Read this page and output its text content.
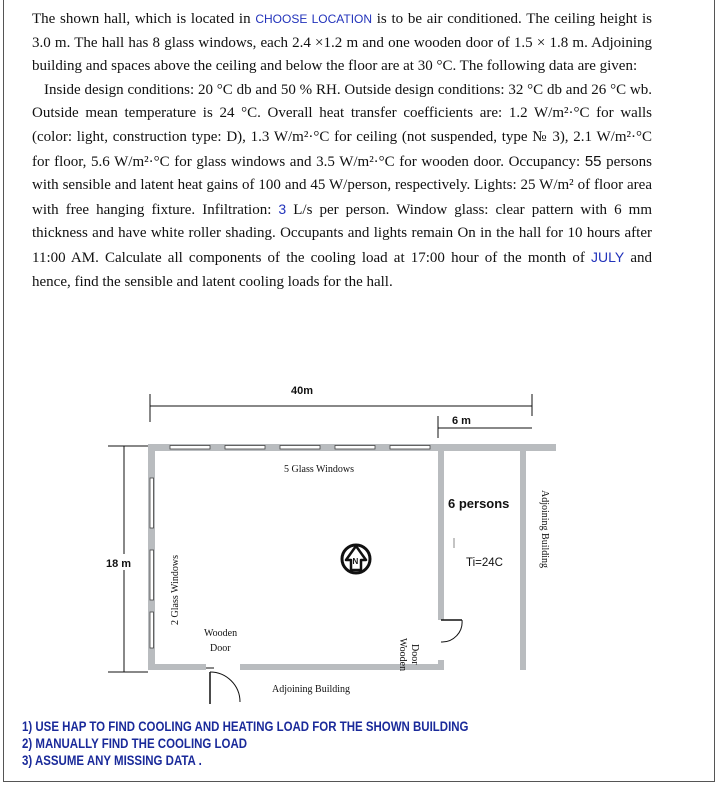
The shown hall, which is located in CHOOSE LOCATION is to be air conditioned. The ceiling height is 3.0 m. The hall has 8 glass windows, each 2.4 ×1.2 m and one wooden door of 1.5 × 1.8 m. Adjoining building and spaces above the ceiling and below the floor are at 30 °C. The following data are given:

Inside design conditions: 20 °C db and 50 % RH. Outside design conditions: 32 °C db and 26 °C wb. Outside mean temperature is 24 °C. Overall heat transfer coefficients are: 1.2 W/m²·°C for walls (color: light, construction type: D), 1.3 W/m²·°C for ceiling (not suspended, type № 3), 2.1 W/m²·°C for floor, 5.6 W/m²·°C for glass windows and 3.5 W/m²·°C for wooden door. Occupancy: 55 persons with sensible and latent heat gains of 100 and 45 W/person, respectively. Lights: 25 W/m² of floor area with free hanging fixture. Infiltration: 3 L/s per person. Window glass: clear pattern with 6 mm thickness and have white roller shading. Occupants and lights remain On in the hall for 10 hours after 11:00 AM. Calculate all components of the cooling load at 17:00 hour of the month of JULY and hence, find the sensible and latent cooling loads for the hall.

40m
6 m
18 m
5 Glass Windows
2 Glass Windows	N
Wooden
Door	Wooden Door
6 persons
Ti=24C	Adjoining Building
Adjoining Building
1) USE HAP TO FIND COOLING AND HEATING LOAD FOR THE SHOWN BUILDING
2) MANUALLY FIND THE COOLING LOAD
3) ASSUME ANY MISSING DATA .
